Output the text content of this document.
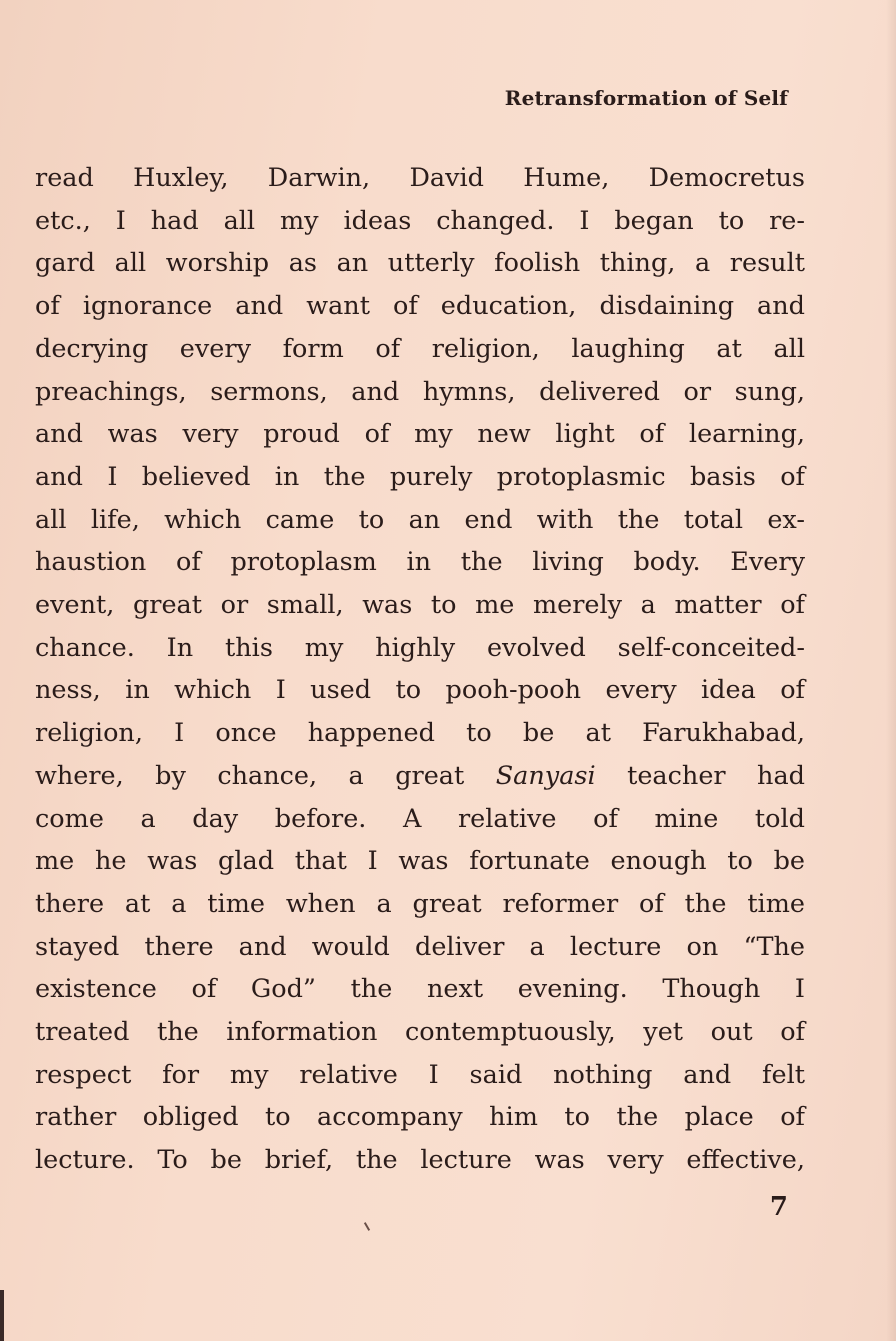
Retransformation of Self
read Huxley, Darwin, David Hume, Democretus
etc., I had all my ideas changed. I began to re-
gard all worship as an utterly foolish thing, a result
of ignorance and want of education, disdaining and
decrying every form of religion, laughing at all
preachings, sermons, and hymns, delivered or sung,
and was very proud of my new light of learning,
and I believed in the purely protoplasmic basis of
all life, which came to an end with the total ex-
haustion of protoplasm in the living body. Every
event, great or small, was to me merely a matter of
chance. In this my highly evolved self-conceited-
ness, in which I used to pooh-pooh every idea of
religion, I once happened to be at Farukhabad,
where, by chance, a great Sanyasi teacher had
come a day before. A relative of mine told
me he was glad that I was fortunate enough to be
there at a time when a great reformer of the time
stayed there and would deliver a lecture on “The
existence of God” the next evening. Though I
treated the information contemptuously, yet out of
respect for my relative I said nothing and felt
rather obliged to accompany him to the place of
lecture. To be brief, the lecture was very effective,
7
